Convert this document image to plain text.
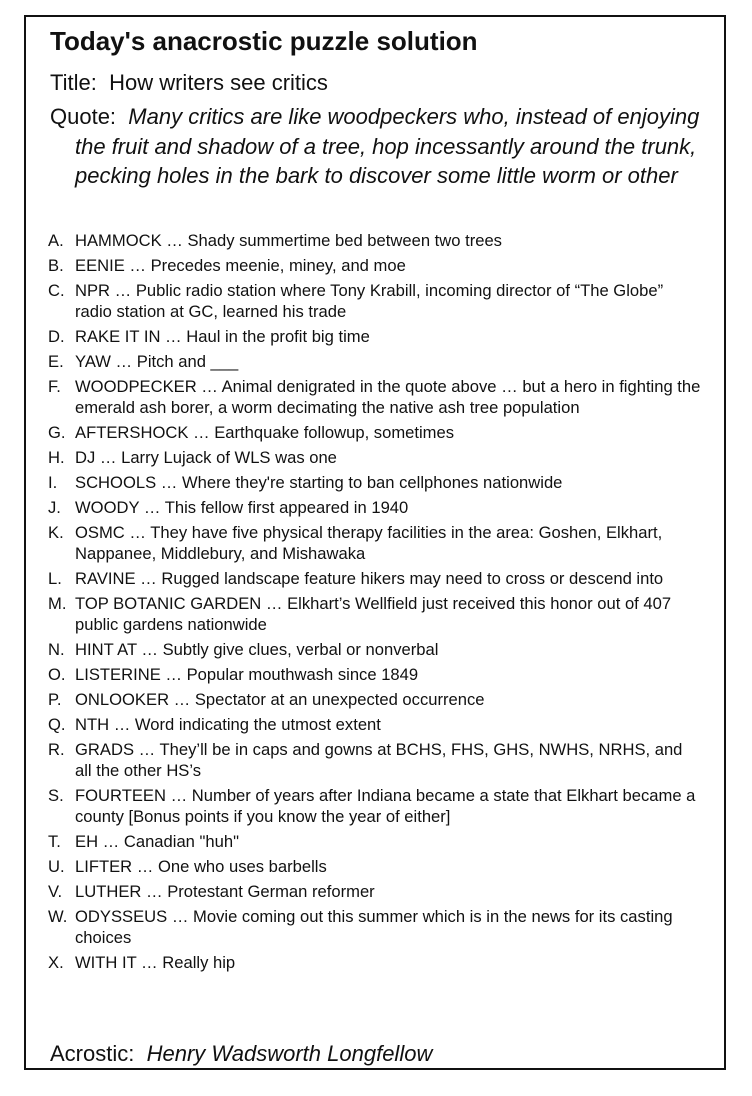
Today's anacrostic puzzle solution
Title: How writers see critics
Quote: Many critics are like woodpeckers who, instead of enjoying the fruit and shadow of a tree, hop incessantly around the trunk, pecking holes in the bark to discover some little worm or other
A. HAMMOCK … Shady summertime bed between two trees
B. EENIE … Precedes meenie, miney, and moe
C. NPR … Public radio station where Tony Krabill, incoming director of “The Globe” radio station at GC, learned his trade
D. RAKE IT IN … Haul in the profit big time
E. YAW … Pitch and ___
F. WOODPECKER … Animal denigrated in the quote above … but a hero in fighting the emerald ash borer, a worm decimating the native ash tree population
G. AFTERSHOCK … Earthquake followup, sometimes
H. DJ … Larry Lujack of WLS was one
I. SCHOOLS … Where they're starting to ban cellphones nationwide
J. WOODY … This fellow first appeared in 1940
K. OSMC … They have five physical therapy facilities in the area: Goshen, Elkhart, Nappanee, Middlebury, and Mishawaka
L. RAVINE … Rugged landscape feature hikers may need to cross or descend into
M. TOP BOTANIC GARDEN … Elkhart’s Wellfield just received this honor out of 407 public gardens nationwide
N. HINT AT … Subtly give clues, verbal or nonverbal
O. LISTERINE … Popular mouthwash since 1849
P. ONLOOKER … Spectator at an unexpected occurrence
Q. NTH … Word indicating the utmost extent
R. GRADS … They’ll be in caps and gowns at BCHS, FHS, GHS, NWHS, NRHS, and all the other HS’s
S. FOURTEEN … Number of years after Indiana became a state that Elkhart became a county [Bonus points if you know the year of either]
T. EH … Canadian "huh"
U. LIFTER … One who uses barbells
V. LUTHER … Protestant German reformer
W. ODYSSEUS … Movie coming out this summer which is in the news for its casting choices
X. WITH IT … Really hip
Acrostic: Henry Wadsworth Longfellow
